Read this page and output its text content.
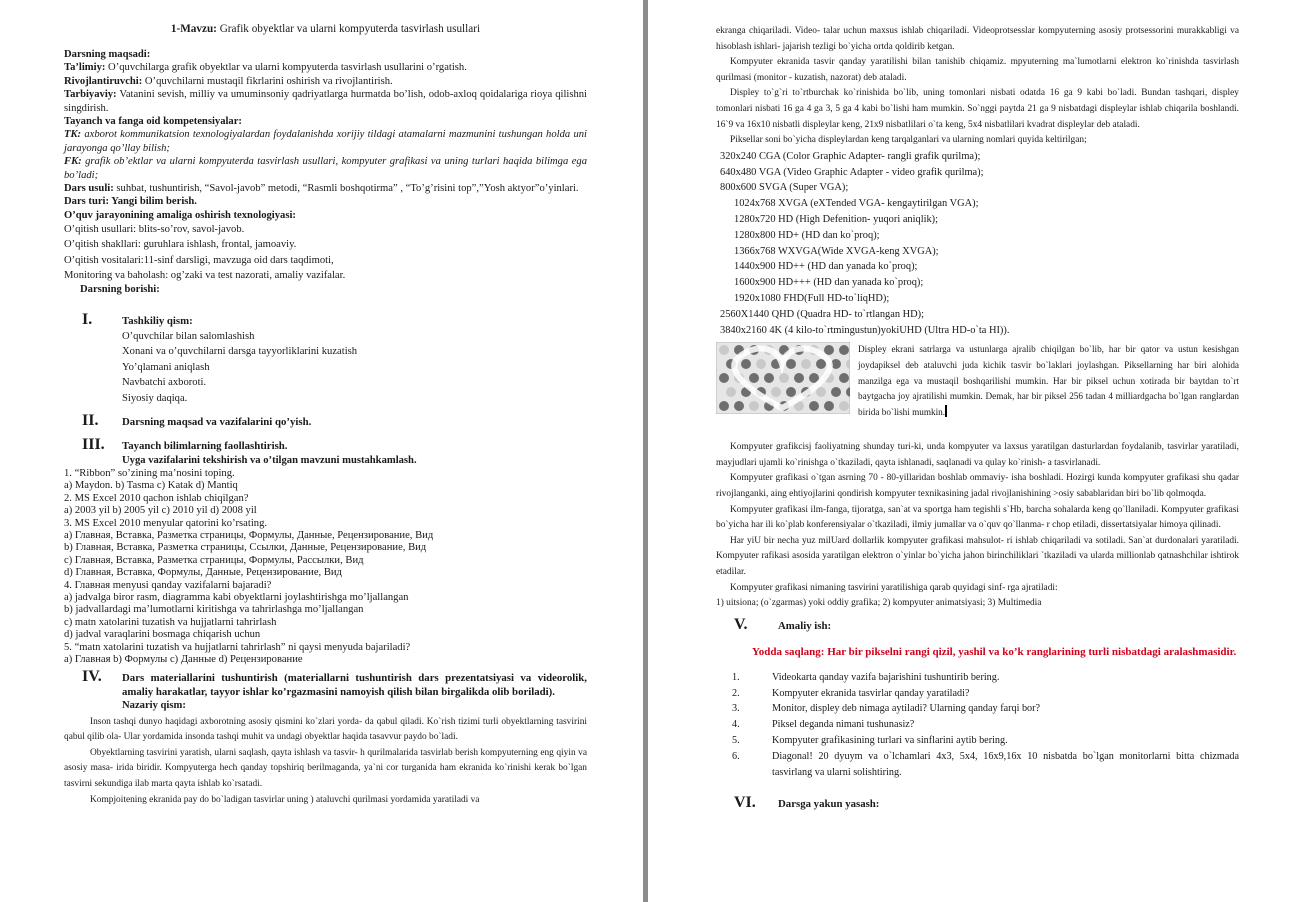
1-Mavzu: Grafik obyektlar va ularni kompyuterda tasvirlash usullari

Darsning maqsadi:

Ta’limiy: O’quvchilarga grafik obyektlar va ularni kompyuterda tasvirlash usullarini o’rgatish.

Rivojlantiruvchi: O’quvchilarni mustaqil fikrlarini oshirish va rivojlantirish.

Tarbiyaviy: Vatanini sevish, milliy va umuminsoniy qadriyatlarga hurmatda bo’lish, odob-axloq qoidalariga rioya qilishni singdirish.

Tayanch va fanga oid kompetensiyalar:

TK: axborot kommunikatsion texnologiyalardan foydalanishda xorijiy tildagi atamalarni mazmunini tushungan holda uni jarayonga qo’llay bilish;

FK: grafik ob’ektlar va ularni kompyuterda tasvirlash usullari, kompyuter grafikasi va uning turlari haqida bilimga ega bo’ladi;

Dars usuli: suhbat, tushuntirish, “Savol-javob” metodi, “Rasmli boshqotirma” , “To’g’risini top”,”Yosh aktyor”o’yinlari.

Dars turi: Yangi bilim berish.

O’quv jarayonining amaliga oshirish texnologiyasi:

O’qitish usullari: blits-so’rov, savol-javob.

O’qitish shakllari: guruhlara ishlash, frontal, jamoaviy.

O’qitish vositalari:11-sinf darsligi, mavzuga oid dars taqdimoti,

Monitoring va baholash: og’zaki va test nazorati, amaliy vazifalar.

Darsning borishi:

I.	Tashkiliy qism:

O’quvchilar bilan salomlashish

Xonani va o’quvchilarni darsga tayyorliklarini kuzatish

Yo’qlamani aniqlash

Navbatchi axboroti.

Siyosiy daqiqa.

II.	Darsning maqsad va vazifalarini qo’yish.
III.	Tayanch bilimlarning faollashtirish.

Uyga vazifalarini tekshirish va o’tilgan mavzuni mustahkamlash.

1. “Ribbon” so’zining ma’nosini toping.

a) Maydon. b) Tasma c) Katak d) Mantiq

2. MS Excel 2010 qachon ishlab chiqilgan?

a) 2003 yil b) 2005 yil c) 2010 yil d) 2008 yil

3. MS Excel 2010 menyular qatorini ko’rsating.

a) Главная, Вставка, Разметка страницы, Формулы, Данные, Рецензирование, Вид

b) Главная, Вставка, Разметка страницы, Ссылки, Данные, Рецензирование, Вид

c) Главная, Вставка, Разметка страницы, Формулы, Рассылки, Вид

d) Главная, Вставка, Формулы, Данные, Рецензирование, Вид

4. Главная menyusi qanday vazifalarni bajaradi?

a) jadvalga biror rasm, diagramma kabi obyektlarni joylashtirishga mo’ljallangan

b) jadvallardagi ma’lumotlarni kiritishga va tahrirlashga mo’ljallangan

c) matn xatolarini tuzatish va hujjatlarni tahrirlash

d) jadval varaqlarini bosmaga chiqarish uchun

5. “matn xatolarini tuzatish va hujjatlarni tahrirlash” ni qaysi menyuda bajariladi?

a) Главная b) Формулы c) Данные d) Рецензирование

IV.	Dars materiallarini tushuntirish (materiallarni tushuntirish dars prezentatsiyasi va videorolik, amaliy harakatlar, tayyor ishlar ko’rgazmasini namoyish qilish bilan birgalikda olib boriladi).

Nazariy qism:

Inson tashqi dunyo haqidagi axborotning asosiy qismini ko`zlari yorda- da qabul qiladi. Ko`rish tizimi turli obyektlarning tasvirini qabul qilib ola- Ular yordamida insonda tashqi muhit va undagi obyektlar haqida tasavvur paydo bo`ladi.

Obyektlarning tasvirini yaratish, ularni saqlash, qayta ishlash va tasvir- h qurilmalarida tasvirlab berish kompyuterning eng qiyin va asosiy masa- irida biridir. Kompyuterga hech qanday topshiriq berilmaganda, ya`ni cor turganida ham ekranida ko`rinishi kerak bo`lgan tasvirni sekundiga ilab marta qayta ishlab ko`rsatadi.

Kompjoitening ekranida pay do bo`ladigan tasvirlar uning ) ataluvchi qurilmasi yordamida yaratiladi va

ekranga chiqariladi. Video- talar uchun maxsus ishlab chiqariladi. Videoprotsesslar kompyuterning asosiy protsessorini murakkabligi va hisoblash ishlari- jajarish tezligi bo`yicha ortda qoldirib ketgan.

Kompyuter ekranida tasvir qanday yaratilishi bilan tanishib chiqamiz. mpyuterning ma`lumotlarni elektron ko`rinishda tasvirlash qurilmasi (monitor - kuzatish, nazorat) deb ataladi.

Displey to`g`ri to`rtburchak ko`rinishida bo`lib, uning tomonlari nisbati odatda 16 ga 9 kabi bo`ladi. Bundan tashqari, displey tomonlari nisbati 16 ga 4 ga 3, 5 ga 4 kabi bo`lishi ham mumkin. So`nggi paytda 21 ga 9 nisbatdagi displeylar ishlab chiqarila boshlandi. 16`9 va 16x10 nisbatli displeylar keng, 21x9 nisbatlilari o`ta keng, 5x4 nisbatlilari kvadrat displeylar deb ataladi.

Piksellar soni bo`yicha displeylardan keng tarqalganlari va ularning nomlari quyida keltirilgan;

320x240 CGA (Color Graphic Adapter- rangli grafik qurilma);

640x480 VGA (Video Graphic Adapter - video grafik qurilma);

800x600 SVGA (Super VGA);

1024x768 XVGA (eXTended VGA- kengaytirilgan VGA);

1280x720 HD (High Defenition- yuqori aniqlik);

1280x800 HD+ (HD dan ko`proq);

1366x768 WXVGA(Wide XVGA-keng XVGA);

1440x900 HD++ (HD dan yanada ko`proq);

1600x900 HD+++ (HD dan yanada ko`proq);

1920x1080 FHD(Full HD-to`liqHD);

2560X1440 QHD (Quadra HD- to`rtlangan HD);

3840x2160 4K (4 kilo-to`rtmingustun)yokiUHD (Ultra HD-o`ta HI)).

Displey ekrani satrlarga va ustunlarga ajralib chiqilgan bo`lib, har bir qator va ustun kesishgan joydapiksel deb ataluvchi juda kichik tasvir bo`laklari joylashgan. Piksellarning har biri alohida manzilga ega va mustaqil boshqarilishi mumkin. Har bir piksel uchun xotirada bir baytdan to`rt baytgacha joy ajratilishi mumkin. Demak, har bir piksel 256 tadan 4 milliardgacha bo`lgan ranglardan birida bo`lishi mumkin.

Kompyuter grafikcisj faoliyatning shunday turi-ki, unda kompyuter va laxsus yaratilgan dasturlardan foydalanib, tasvirlar yaratiladi, mayjudlari ujamli ko`rinishga o`tkaziladi, qayta ishlanadi, saqlanadi va qulay ko`rinish- a tasvirlanadi.

Kompyuter grafikasi o`tgan asrning 70 - 80-yillaridan boshlab ommaviy- isha boshladi. Hozirgi kunda kompyuter grafikasi shu qadar rivojlanganki, aing ehtiyojlarini qondirish kompyuter texnikasining jadal rivojlanishining >osiy sabablaridan biri bo`lib qolmoqda.

Kompyuter grafikasi ilm-fanga, tijoratga, san`at va sportga ham tegishli s`Hb, barcha sohalarda keng qo`llaniladi. Kompyuter grafikasi bo`yicha har ili ko`plab konferensiyalar o`tkaziladi, ilmiy jumallar va o`quv qo`llanma- r chop etiladi, dissertatsiyalar himoya qilinadi.

Har yiU bir necha yuz milUard dollarlik kompyuter grafikasi mahsulot- ri ishlab chiqariladi va sotiladi. San`at durdonalari yaratiladi. Kompyuter rafikasi asosida yaratilgan elektron o`yinlar bo`yicha jahon birinchiliklari `tkaziladi va ularda millionlab qatnashchilar ishtirok etadilar.

Kompyuter grafikasi nimaning tasvirini yaratilishiga qarab quyidagi sinf- rga ajratiladi:

1) uitsiona; (o`zgarmas) yoki oddiy grafika; 2) kompyuter animatsiyasi; 3) Multimedia

V.	Amaliy ish:

Yodda saqlang: Har bir pikselni rangi qizil, yashil va ko’k ranglarining turli nisbatdagi aralashmasidir.

1.	Videokarta qanday vazifa bajarishini tushuntirib bering.
2.	Kompyuter ekranida tasvirlar qanday yaratiladi?
3.	Monitor, displey deb nimaga aytiladi? Ularning qanday farqi bor?
4.	Piksel deganda nimani tushunasiz?
5.	Kompyuter grafikasining turlari va sinflarini aytib bering.
6.	Diagonal! 20 dyuym va o`lchamlari 4x3, 5x4, 16x9,16x 10 nisbatda bo`lgan monitorlarni bitta chizmada tasvirlang va ularni solishtiring.
VI.	Darsga yakun yasash:
